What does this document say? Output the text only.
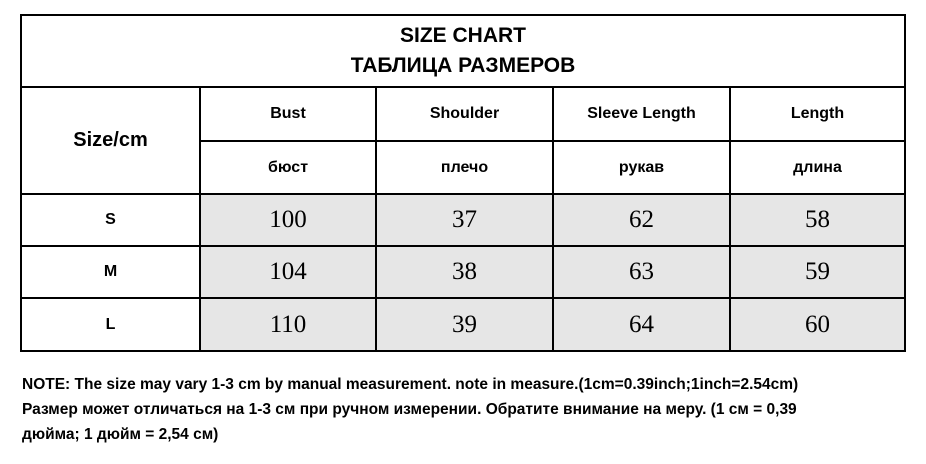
SIZE CHART
ТАБЛИЦА РАЗМЕРОВ
Size/cm	Bust	Shoulder	Sleeve Length	Length
	бюст	плечо	рукав	длина
S	100	37	62	58
M	104	38	63	59
L	110	39	64	60
NOTE: The size may vary 1-3 cm by manual measurement. note in measure.(1cm=0.39inch;1inch=2.54cm)
Размер может отличаться на 1-3 см при ручном измерении. Обратите внимание на меру. (1 см = 0,39
дюйма; 1 дюйм = 2,54 см)
